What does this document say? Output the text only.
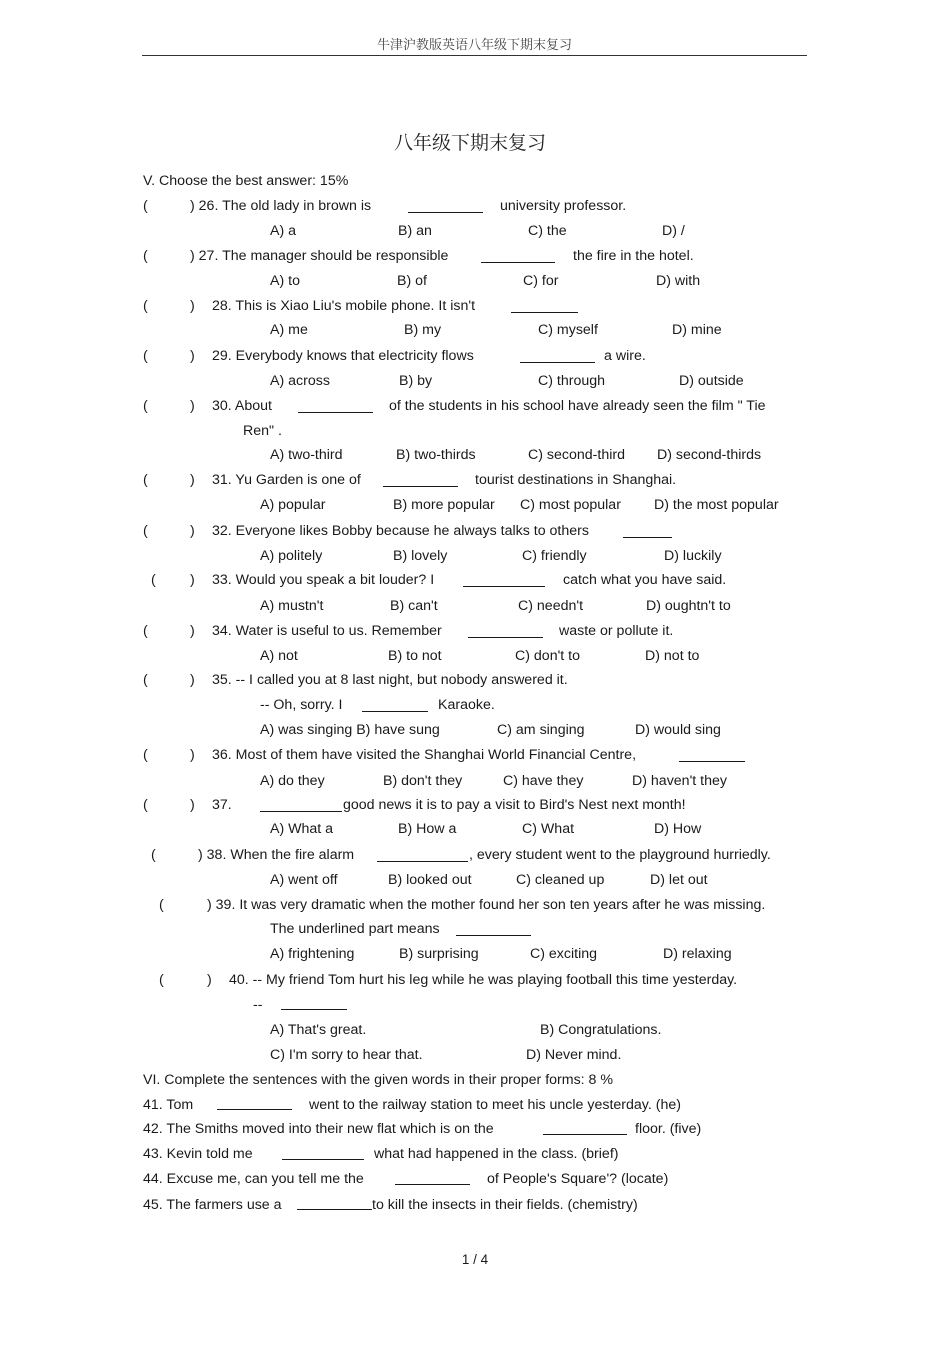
牛津沪教版英语八年级下期末复习
八年级下期末复习
V. Choose the best answer: 15%
(	) 26. The old lady in brown is	university professor.
A) a	B) an	C) the	D) /
(	) 27. The manager should be responsible	the fire in the hotel.
A) to	B) of	C) for	D) with
(	) 28. This is Xiao Liu's mobile phone. It isn't
A) me	B) my	C) myself	D) mine
(	) 29. Everybody knows that electricity flows	a wire.
A) across	B) by	C) through	D) outside
(	) 30. About	of the students in his school have already seen the film " Tie
Ren" .
A) two-third	B) two-thirds	C) second-third D) second-thirds
(	) 31. Yu Garden is one of	tourist destinations in Shanghai.
A) popular	B) more popular C) most popular D) the most popular
(	) 32. Everyone likes Bobby because he always talks to others
A) politely	B) lovely	C) friendly	D) luckily
( ) 33. Would you speak a bit louder? I	catch what you have said.
A) mustn't	B) can't	C) needn't	D) oughtn't to
(	) 34. Water is useful to us. Remember	waste or pollute it.
A) not	B) to not	C) don't to	D) not to
(	) 35. -- I called you at 8 last night, but nobody answered it.
-- Oh, sorry. I	Karaoke.
A) was singing B) have sung	C) am singing	D) would sing
(	) 36. Most of them have visited the Shanghai World Financial Centre,
A) do they	B) don't they	C) have they	D) haven't they
(	) 37.	good news it is to pay a visit to Bird's Nest next month!
A) What a	B) How a	C) What	D) How
(	) 38. When the fire alarm	, every student went to the playground hurriedly.
A) went off	B) looked out	C) cleaned up	D) let out
(	) 39. It was very dramatic when the mother found her son ten years after he was missing.
The underlined part means
A) frightening	B) surprising	C) exciting	D) relaxing
(	) 40. -- My friend Tom hurt his leg while he was playing football this time yesterday.
--
A) That's great.	B) Congratulations.
C) I'm sorry to hear that.	D) Never mind.
VI. Complete the sentences with the given words in their proper forms: 8 %
41. Tom	went to the railway station to meet his uncle yesterday. (he)
42. The Smiths moved into their new flat which is on the	floor. (five)
43. Kevin told me	what had happened in the class. (brief)
44. Excuse me, can you tell me the	of People's Square'? (locate)
45. The farmers use a	to kill the insects in their fields. (chemistry)
1 / 4
